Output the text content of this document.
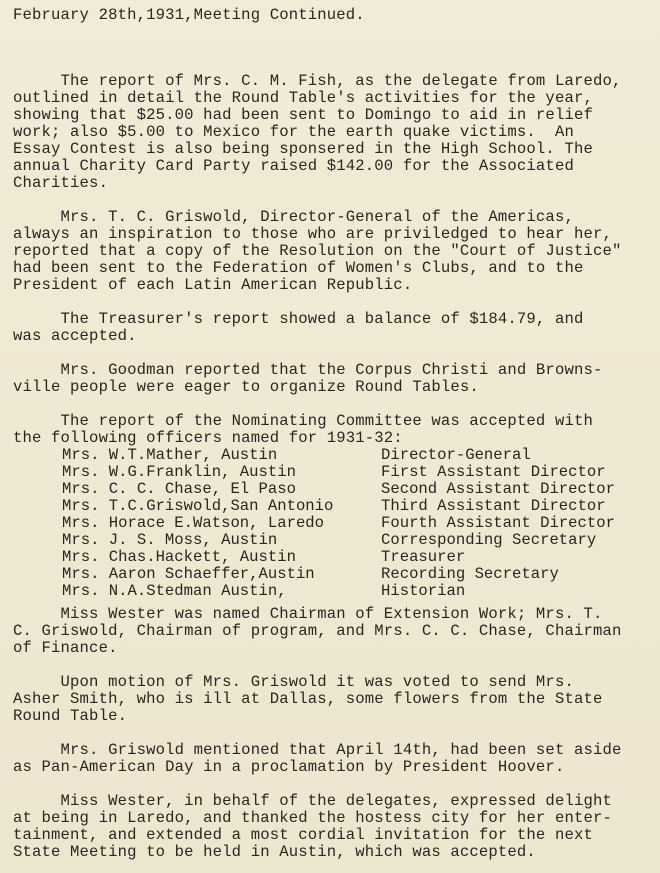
February 28th,1931,Meeting Continued.
The report of Mrs. C. M. Fish, as the delegate from Laredo,
outlined in detail the Round Table's activities for the year,
showing that $25.00 had been sent to Domingo to aid in relief
work; also $5.00 to Mexico for the earth quake victims.  An
Essay Contest is also being sponsered in the High School. The
annual Charity Card Party raised $142.00 for the Associated
Charities.
Mrs. T. C. Griswold, Director-General of the Americas,
always an inspiration to those who are priviledged to hear her,
reported that a copy of the Resolution on the "Court of Justice"
had been sent to the Federation of Women's Clubs, and to the
President of each Latin American Republic.
The Treasurer's report showed a balance of $184.79, and
was accepted.
Mrs. Goodman reported that the Corpus Christi and Browns-
ville people were eager to organize Round Tables.
The report of the Nominating Committee was accepted with
the following officers named for 1931-32:
Mrs. W.T.Mather, Austin	Director-General
Mrs. W.G.Franklin, Austin	First Assistant Director
Mrs. C. C. Chase, El Paso	Second Assistant Director
Mrs. T.C.Griswold,San Antonio	Third Assistant Director
Mrs. Horace E.Watson, Laredo	Fourth Assistant Director
Mrs. J. S. Moss, Austin	Corresponding Secretary
Mrs. Chas.Hackett, Austin	Treasurer
Mrs. Aaron Schaeffer,Austin	Recording Secretary
Mrs. N.A.Stedman Austin,	Historian
Miss Wester was named Chairman of Extension Work; Mrs. T.
C. Griswold, Chairman of program, and Mrs. C. C. Chase, Chairman
of Finance.
Upon motion of Mrs. Griswold it was voted to send Mrs.
Asher Smith, who is ill at Dallas, some flowers from the State
Round Table.
Mrs. Griswold mentioned that April 14th, had been set aside
as Pan-American Day in a proclamation by President Hoover.
Miss Wester, in behalf of the delegates, expressed delight
at being in Laredo, and thanked the hostess city for her enter-
tainment, and extended a most cordial invitation for the next
State Meeting to be held in Austin, which was accepted.
